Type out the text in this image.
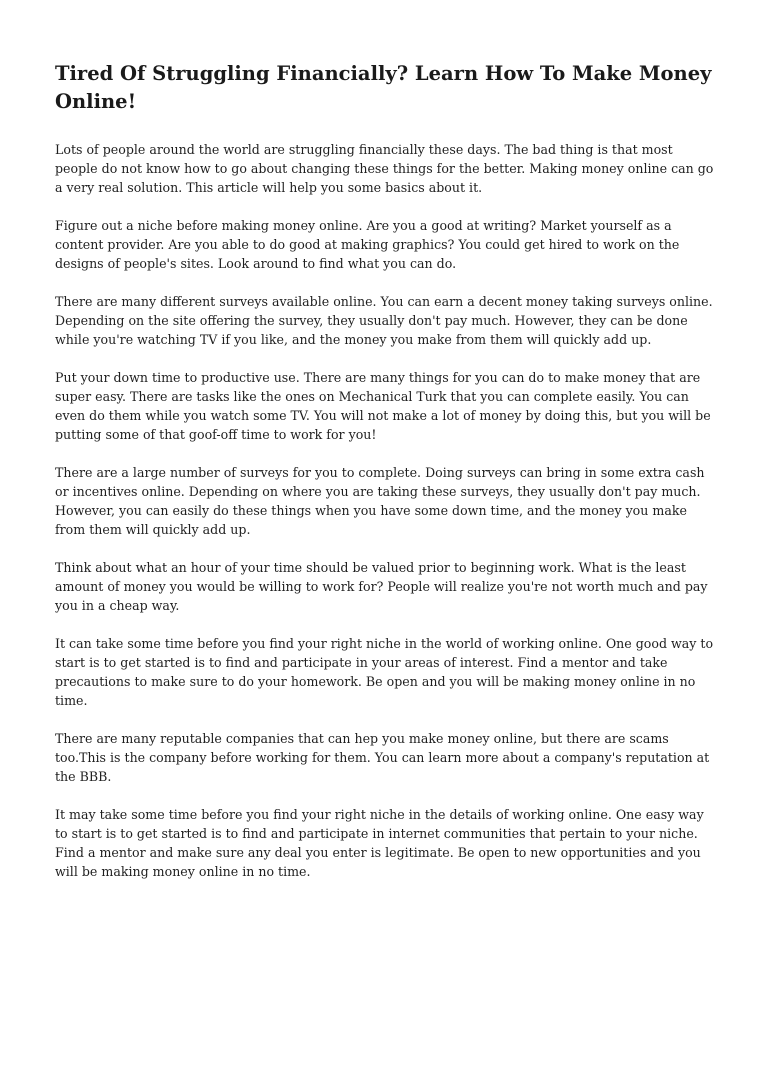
Tired Of Struggling Financially? Learn How To Make Money Online!

Lots of people around the world are struggling financially these days. The bad thing is that most people do not know how to go about changing these things for the better. Making money online can go a very real solution. This article will help you some basics about it.

Figure out a niche before making money online. Are you a good at writing? Market yourself as a content provider. Are you able to do good at making graphics? You could get hired to work on the designs of people's sites. Look around to find what you can do.

There are many different surveys available online. You can earn a decent money taking surveys online. Depending on the site offering the survey, they usually don't pay much. However, they can be done while you're watching TV if you like, and the money you make from them will quickly add up.

Put your down time to productive use. There are many things for you can do to make money that are super easy. There are tasks like the ones on Mechanical Turk that you can complete easily. You can even do them while you watch some TV. You will not make a lot of money by doing this, but you will be putting some of that goof-off time to work for you!

There are a large number of surveys for you to complete. Doing surveys can bring in some extra cash or incentives online. Depending on where you are taking these surveys, they usually don't pay much. However, you can easily do these things when you have some down time, and the money you make from them will quickly add up.

Think about what an hour of your time should be valued prior to beginning work. What is the least amount of money you would be willing to work for? People will realize you're not worth much and pay you in a cheap way.

It can take some time before you find your right niche in the world of working online. One good way to start is to get started is to find and participate in your areas of interest. Find a mentor and take precautions to make sure to do your homework. Be open and you will be making money online in no time.

There are many reputable companies that can hep you make money online, but there are scams too.This is the company before working for them. You can learn more about a company's reputation at the BBB.

It may take some time before you find your right niche in the details of working online. One easy way to start is to get started is to find and participate in internet communities that pertain to your niche. Find a mentor and make sure any deal you enter is legitimate. Be open to new opportunities and you will be making money online in no time.
